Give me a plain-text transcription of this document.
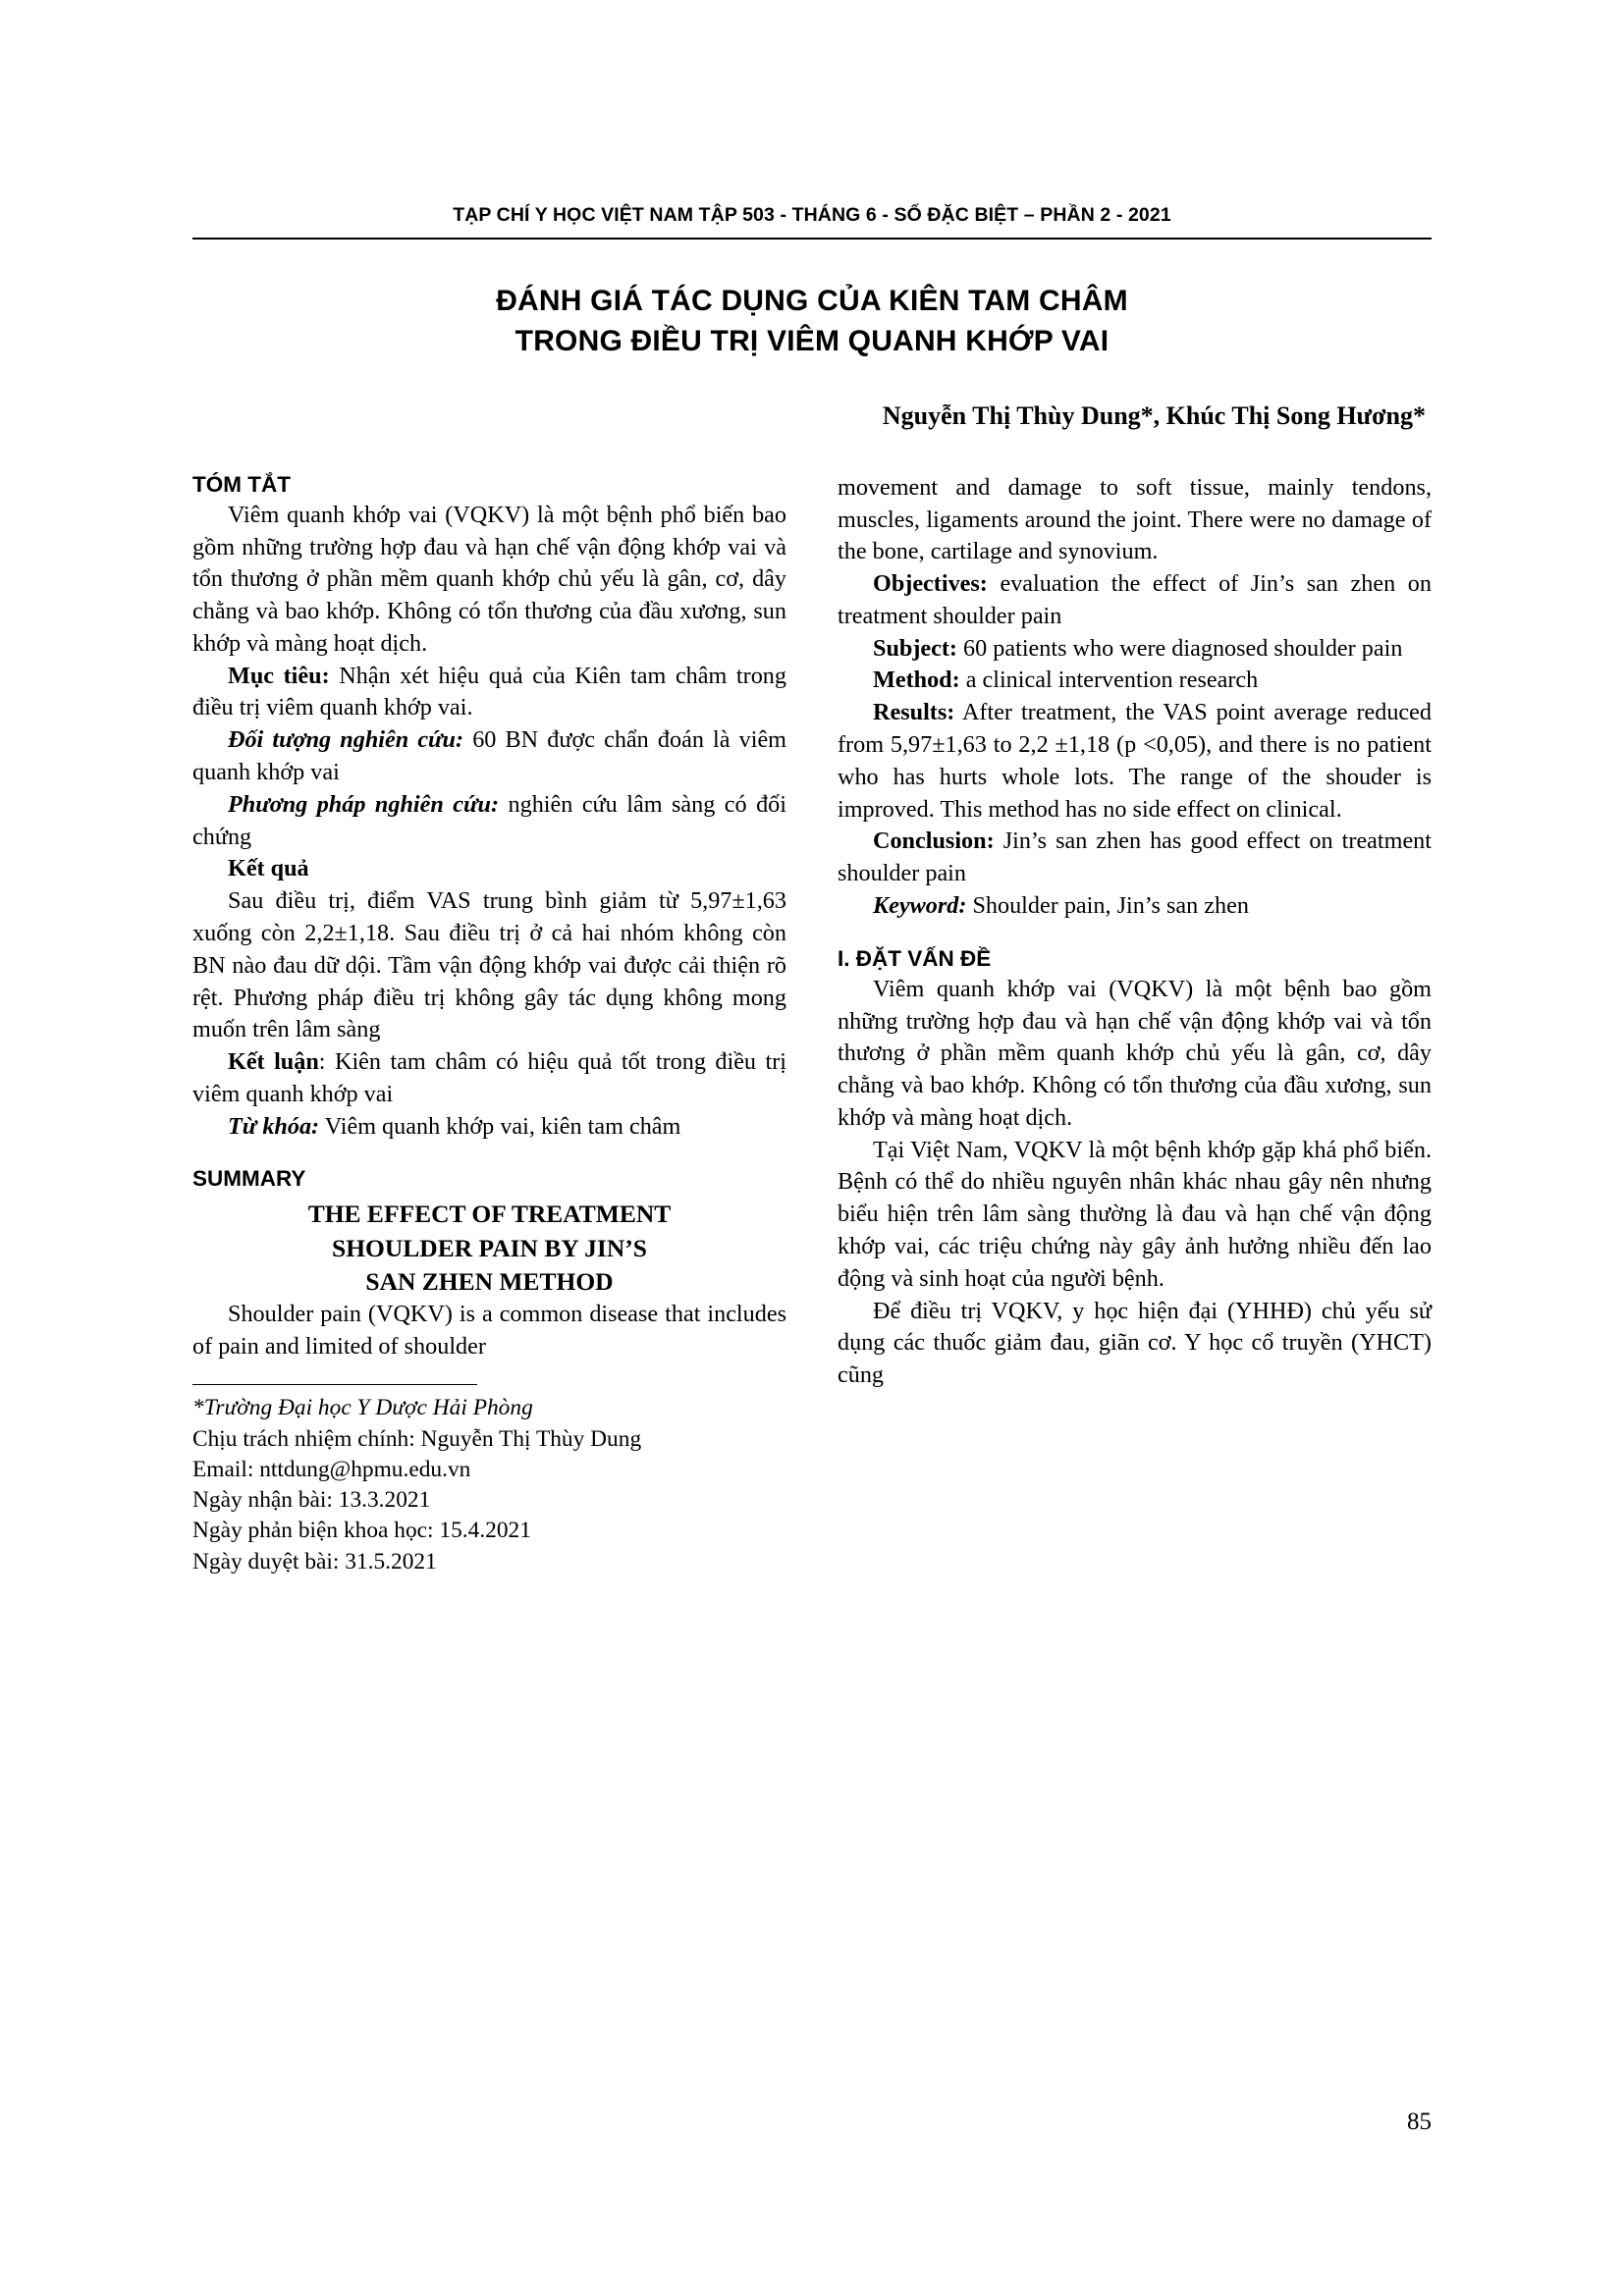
TẠP CHÍ Y HỌC VIỆT NAM TẬP 503 - THÁNG 6 - SỐ ĐẶC BIỆT – PHẦN 2 - 2021
ĐÁNH GIÁ TÁC DỤNG CỦA KIÊN TAM CHÂM
TRONG ĐIỀU TRỊ VIÊM QUANH KHỚP VAI
Nguyễn Thị Thùy Dung*, Khúc Thị Song Hương*
TÓM TẮT

Viêm quanh khớp vai (VQKV) là một bệnh phổ biến bao gồm những trường hợp đau và hạn chế vận động khớp vai và tổn thương ở phần mềm quanh khớp chủ yếu là gân, cơ, dây chằng và bao khớp. Không có tổn thương của đầu xương, sun khớp và màng hoạt dịch.

Mục tiêu: Nhận xét hiệu quả của Kiên tam châm trong điều trị viêm quanh khớp vai.

Đối tượng nghiên cứu: 60 BN được chẩn đoán là viêm quanh khớp vai

Phương pháp nghiên cứu: nghiên cứu lâm sàng có đối chứng

Kết quả

Sau điều trị, điểm VAS trung bình giảm từ 5,97±1,63 xuống còn 2,2±1,18. Sau điều trị ở cả hai nhóm không còn BN nào đau dữ dội. Tầm vận động khớp vai được cải thiện rõ rệt. Phương pháp điều trị không gây tác dụng không mong muốn trên lâm sàng

Kết luận: Kiên tam châm có hiệu quả tốt trong điều trị viêm quanh khớp vai

Từ khóa: Viêm quanh khớp vai, kiên tam châm

SUMMARY
THE EFFECT OF TREATMENT
SHOULDER PAIN BY JIN’S
SAN ZHEN METHOD

Shoulder pain (VQKV) is a common disease that includes of pain and limited of shoulder

*Trường Đại học Y Dược Hải Phòng

Chịu trách nhiệm chính: Nguyễn Thị Thùy Dung

Email: nttdung@hpmu.edu.vn

Ngày nhận bài: 13.3.2021

Ngày phản biện khoa học: 15.4.2021

Ngày duyệt bài: 31.5.2021

movement and damage to soft tissue, mainly tendons, muscles, ligaments around the joint. There were no damage of the bone, cartilage and synovium.

Objectives: evaluation the effect of Jin’s san zhen on treatment shoulder pain

Subject: 60 patients who were diagnosed shoulder pain

Method: a clinical intervention research

Results: After treatment, the VAS point average reduced from 5,97±1,63 to 2,2 ±1,18 (p <0,05), and there is no patient who has hurts whole lots. The range of the shouder is improved. This method has no side effect on clinical.

Conclusion: Jin’s san zhen has good effect on treatment shoulder pain

Keyword: Shoulder pain, Jin’s san zhen

I. ĐẶT VẤN ĐỀ

Viêm quanh khớp vai (VQKV) là một bệnh bao gồm những trường hợp đau và hạn chế vận động khớp vai và tổn thương ở phần mềm quanh khớp chủ yếu là gân, cơ, dây chằng và bao khớp. Không có tổn thương của đầu xương, sun khớp và màng hoạt dịch.

Tại Việt Nam, VQKV là một bệnh khớp gặp khá phổ biến. Bệnh có thể do nhiều nguyên nhân khác nhau gây nên nhưng biểu hiện trên lâm sàng thường là đau và hạn chế vận động khớp vai, các triệu chứng này gây ảnh hưởng nhiều đến lao động và sinh hoạt của người bệnh.

Để điều trị VQKV, y học hiện đại (YHHĐ) chủ yếu sử dụng các thuốc giảm đau, giãn cơ. Y học cổ truyền (YHCT) cũng

85
